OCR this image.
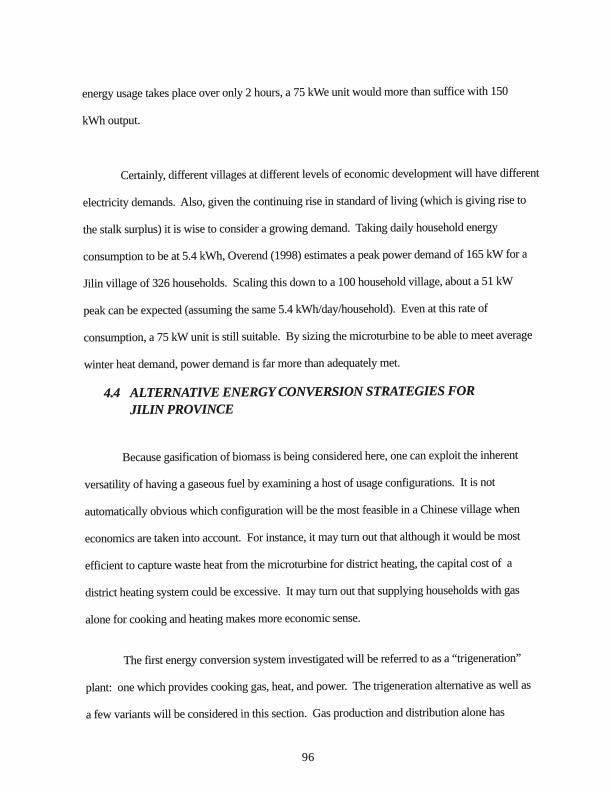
energy usage takes place over only 2 hours, a 75 kWe unit would more than suffice with 150
kWh output.
Certainly, different villages at different levels of economic development will have different
electricity demands.  Also, given the continuing rise in standard of living (which is giving rise to
the stalk surplus) it is wise to consider a growing demand.  Taking daily household energy
consumption to be at 5.4 kWh, Overend (1998) estimates a peak power demand of 165 kW for a
Jilin village of 326 households.  Scaling this down to a 100 household village, about a 51 kW
peak can be expected (assuming the same 5.4 kWh/day/household).  Even at this rate of
consumption, a 75 kW unit is still suitable.  By sizing the microturbine to be able to meet average
winter heat demand, power demand is far more than adequately met.
4.4 ALTERNATIVE ENERGY CONVERSION STRATEGIES FOR
JILIN PROVINCE
Because gasification of biomass is being considered here, one can exploit the inherent
versatility of having a gaseous fuel by examining a host of usage configurations.  It is not
automatically obvious which configuration will be the most feasible in a Chinese village when
economics are taken into account.  For instance, it may turn out that although it would be most
efficient to capture waste heat from the microturbine for district heating, the capital cost of  a
district heating system could be excessive.  It may turn out that supplying households with gas
alone for cooking and heating makes more economic sense.
The first energy conversion system investigated will be referred to as a “trigeneration”
plant:  one which provides cooking gas, heat, and power.  The trigeneration alternative as well as
a few variants will be considered in this section.  Gas production and distribution alone has
96
